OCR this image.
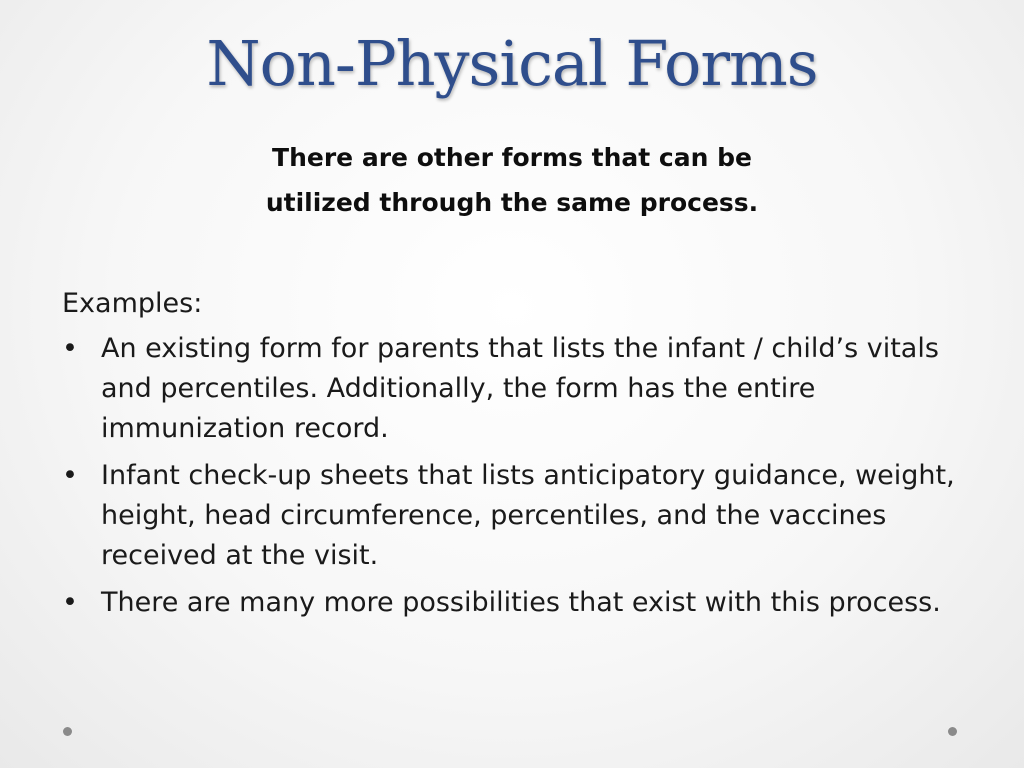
Non-Physical Forms
There are other forms that can be
utilized through the same process.
Examples:
• An existing form for parents that lists the infant / child’s vitals and percentiles. Additionally, the form has the entire immunization record.
• Infant check-up sheets that lists anticipatory guidance, weight, height, head circumference, percentiles, and the vaccines received at the visit.
• There are many more possibilities that exist with this process.
